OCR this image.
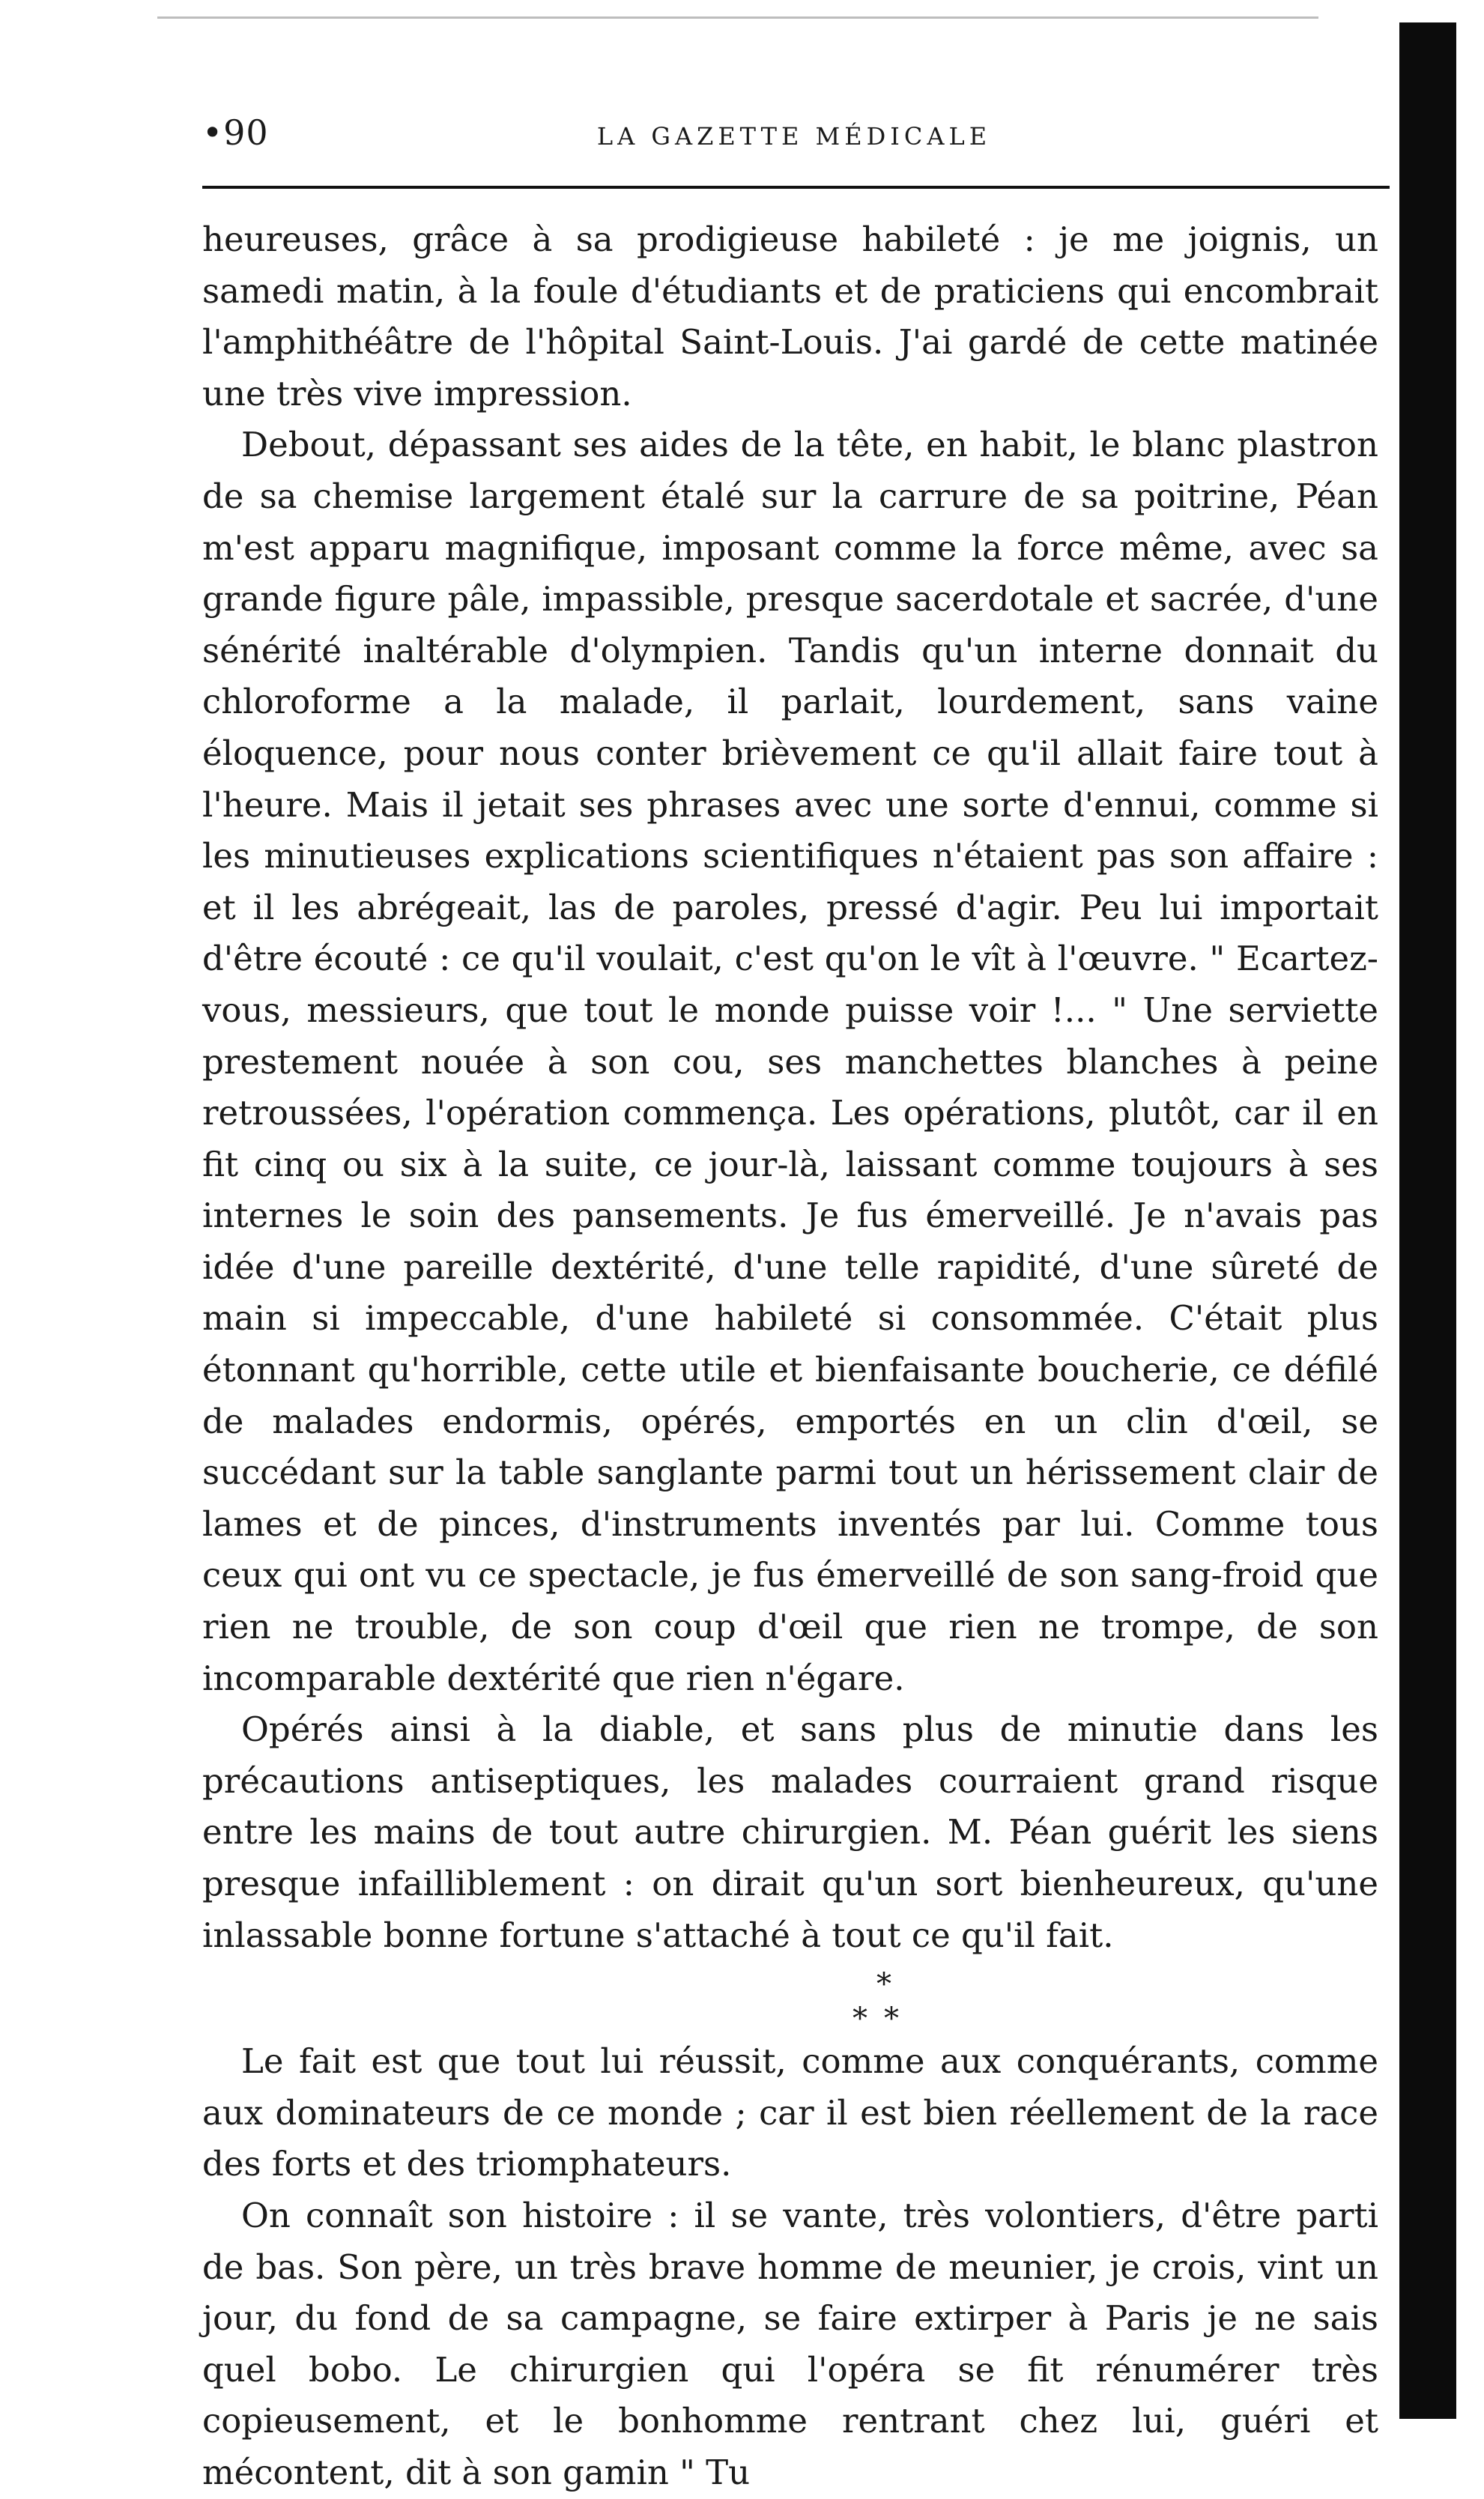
•90	LA GAZETTE MÉDICALE

heureuses, grâce à sa prodigieuse habileté : je me joignis, un samedi matin, à la foule d'étudiants et de praticiens qui encombrait l'amphithéâtre de l'hôpital Saint-Louis. J'ai gardé de cette matinée une très vive impression.

Debout, dépassant ses aides de la tête, en habit, le blanc plastron de sa chemise largement étalé sur la carrure de sa poitrine, Péan m'est apparu magnifique, imposant comme la force même, avec sa grande figure pâle, impassible, presque sacerdotale et sacrée, d'une sénérité inaltérable d'olympien. Tandis qu'un interne donnait du chloroforme a la malade, il parlait, lourdement, sans vaine éloquence, pour nous conter brièvement ce qu'il allait faire tout à l'heure. Mais il jetait ses phrases avec une sorte d'ennui, comme si les minutieuses explications scientifiques n'étaient pas son affaire : et il les abrégeait, las de paroles, pressé d'agir. Peu lui importait d'être écouté : ce qu'il voulait, c'est qu'on le vît à l'œuvre. " Ecartez-vous, messieurs, que tout le monde puisse voir !... " Une serviette prestement nouée à son cou, ses manchettes blanches à peine retroussées, l'opération commença. Les opérations, plutôt, car il en fit cinq ou six à la suite, ce jour-là, laissant comme toujours à ses internes le soin des pansements. Je fus émerveillé. Je n'avais pas idée d'une pareille dextérité, d'une telle rapidité, d'une sûreté de main si impeccable, d'une habileté si consommée. C'était plus étonnant qu'horrible, cette utile et bienfaisante boucherie, ce défilé de malades endormis, opérés, emportés en un clin d'œil, se succédant sur la table sanglante parmi tout un hérissement clair de lames et de pinces, d'instruments inventés par lui. Comme tous ceux qui ont vu ce spectacle, je fus émerveillé de son sang-froid que rien ne trouble, de son coup d'œil que rien ne trompe, de son incomparable dextérité que rien n'égare.

Opérés ainsi à la diable, et sans plus de minutie dans les précautions antiseptiques, les malades courraient grand risque entre les mains de tout autre chirurgien. M. Péan guérit les siens presque infailliblement : on dirait qu'un sort bienheureux, qu'une inlassable bonne fortune s'attaché à tout ce qu'il fait.

*
**

Le fait est que tout lui réussit, comme aux conquérants, comme aux dominateurs de ce monde ; car il est bien réellement de la race des forts et des triomphateurs.

On connaît son histoire : il se vante, très volontiers, d'être parti de bas. Son père, un très brave homme de meunier, je crois, vint un jour, du fond de sa campagne, se faire extirper à Paris je ne sais quel bobo. Le chirurgien qui l'opéra se fit rénumérer très copieusement, et le bonhomme rentrant chez lui, guéri et mécontent, dit à son gamin " Tu
